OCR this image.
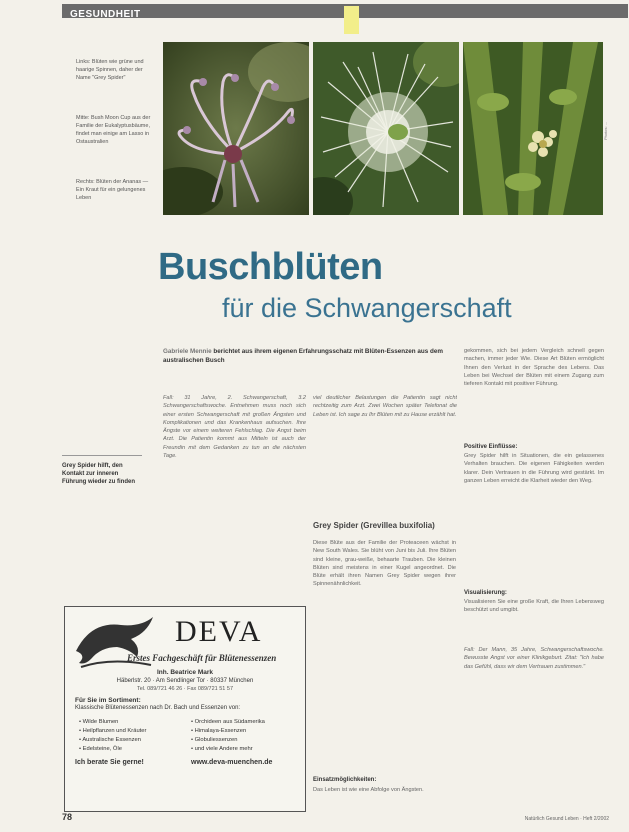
GESUNDHEIT
Links: Blüten wie grüne und haarige Spinnen, daher der Name "Grey Spider"
Mitte: Bush Moon Cup aus der Familie der Eukalyptusbäume, findet man einige am Lasso in Ostaustralien
Rechts: Blüten der Ananas — Ein Kraut für ein gelungenes Leben
Photos: ...
Buschblüten
für die Schwangerschaft
Gabriele Mennie berichtet aus ihrem eigenen Erfahrungsschatz mit Blüten-Essenzen aus dem australischen Busch
Grey Spider hilft, den Kontakt zur inneren Führung wieder zu finden
Fall: 31 Jahre, 2. Schwangerschaft, 3.2 Schwangerschaftswoche. Entnehmen muss noch sich einer ersten Schwangerschaft mit großen Ängsten und Komplikationen und das Krankenhaus aufsuchen. Ihre Ängste vor einem weiteren Fehlschlag. Die Angst beim Arzt. Die Patientin kommt aus Mitteln ist auch der Freundin mit dem Gedanken zu tun an die nächsten Tage.
viel deutlicher Belastungen die Patientin sagt nicht rechtzeitig zum Arzt. Zwei Wochen später Telefonat die Leben ist. Ich sage zu Ihr Blüten mit zu Hause erzählt hat.
Grey Spider (Grevillea buxifolia)
Diese Blüte aus der Familie der Proteaceen wächst in New South Wales. Sie blüht von Juni bis Juli. Ihre Blüten sind kleine, grau-weiße, behaarte Trauben. Die kleinen Blüten sind meistens in einer Kugel angeordnet. Die Blüte erhält ihren Namen Grey Spider wegen ihrer Spinnenähnlichkeit.
Einsatzmöglichkeiten:
Das Leben ist wie eine Abfolge von Ängsten.
gekommen, sich bei jedem Vergleich schnell gegen machen, immer jeder Wie. Diese Art Blüten ermöglicht Ihnen den Verlust in der Sprache des Lebens. Das Leben bei Wechsel der Blüten mit einem Zugang zum tieferen Kontakt mit positiver Führung.
Positive Einflüsse:
Grey Spider hilft in Situationen, die ein gelassenes Verhalten brauchen. Die eigenen Fähigkeiten werden klarer. Dein Vertrauen in die Führung wird gestärkt. Im ganzen Leben erreicht die Klarheit wieder den Weg.
Visualisierung:
Visualisieren Sie eine große Kraft, die Ihren Lebensweg beschützt und umgibt.
Fall: Der Mann, 35 Jahre, Schwangerschaftswoche. Bewusste Angst vor einer Klinikgeburt. Zitat: "Ich habe das Gefühl, dass wir dem Vertrauen zustimmen."
DEVA
Erstes Fachgeschäft für Blütenessenzen
Inh. Beatrice Mark
Häberlstr. 20 · Am Sendlinger Tor · 80337 München
Tel. 089/721 46 26 · Fax 089/721 51 57
Für Sie im Sortiment:
Klassische Blütenessenzen nach Dr. Bach und Essenzen von:
• Wilde Blumen
• Heilpflanzen und Kräuter
• Australische Essenzen
• Edelsteine, Öle
• Orchideen aus Südamerika
• Himalaya-Essenzen
• Globuliessenzen
• und viele Andere mehr
Ich berate Sie gerne!	www.deva-muenchen.de
78	Natürlich Gesund Leben · Heft 2/2002
